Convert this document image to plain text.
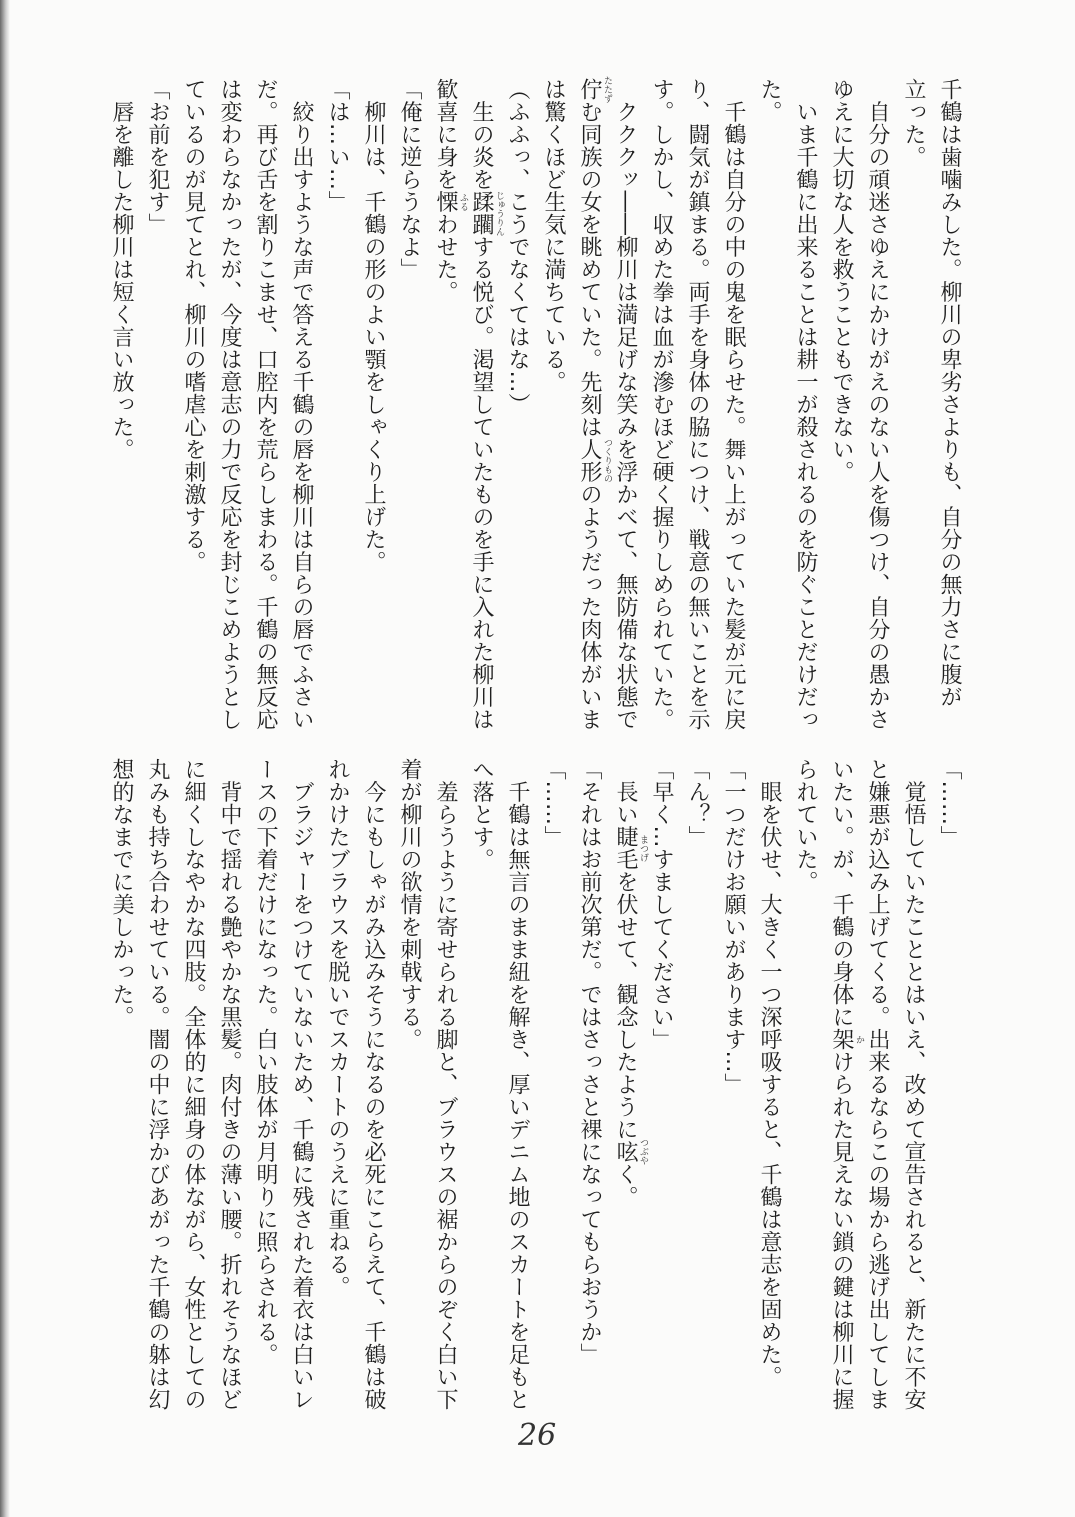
千鶴は歯噛みした。柳川の卑劣さよりも、自分の無力さに腹が
立った。
　自分の頑迷さゆえにかけがえのない人を傷つけ、自分の愚かさ
ゆえに大切な人を救うこともできない。
　いま千鶴に出来ることは耕一が殺されるのを防ぐことだけだっ
た。
　千鶴は自分の中の鬼を眠らせた。舞い上がっていた髪が元に戻
り、闘気が鎮まる。両手を身体の脇につけ、戦意の無いことを示
す。しかし、収めた拳は血が滲むほど硬く握りしめられていた。
　クククッ――柳川は満足げな笑みを浮かべて、無防備な状態で
佇む同族の女を眺めていた。先刻は人形のようだった肉体がいま
は驚くほど生気に満ちている。
（ふふっ、こうでなくてはな…）
　生の炎を蹂躙する悦び。渇望していたものを手に入れた柳川は
歓喜に身を慄わせた。
「俺に逆らうなよ」
　柳川は、千鶴の形のよい顎をしゃくり上げた。
「は…い…」
　絞り出すような声で答える千鶴の唇を柳川は自らの唇でふさい
だ。再び舌を割りこませ、口腔内を荒らしまわる。千鶴の無反応
は変わらなかったが、今度は意志の力で反応を封じこめようとし
ているのが見てとれ、柳川の嗜虐心を刺激する。
「お前を犯す」
　唇を離した柳川は短く言い放った。
「……」
　覚悟していたこととはいえ、改めて宣告されると、新たに不安
と嫌悪が込み上げてくる。出来るならこの場から逃げ出してしま
いたい。が、千鶴の身体に架けられた見えない鎖の鍵は柳川に握
られていた。
　眼を伏せ、大きく一つ深呼吸すると、千鶴は意志を固めた。
「一つだけお願いがあります…」
「ん？」
「早く…すましてください」
　長い睫毛を伏せて、観念したように呟く。
「それはお前次第だ。ではさっさと裸になってもらおうか」
「……」
　千鶴は無言のまま紐を解き、厚いデニム地のスカートを足もと
へ落とす。
　羞らうように寄せられる脚と、ブラウスの裾からのぞく白い下
着が柳川の欲情を刺戟する。
　今にもしゃがみ込みそうになるのを必死にこらえて、千鶴は破
れかけたブラウスを脱いでスカートのうえに重ねる。
　ブラジャーをつけていないため、千鶴に残された着衣は白いレ
ースの下着だけになった。白い肢体が月明りに照らされる。
　背中で揺れる艶やかな黒髪。肉付きの薄い腰。折れそうなほど
に細くしなやかな四肢。全体的に細身の体ながら、女性としての
丸みも持ち合わせている。闇の中に浮かびあがった千鶴の躰は幻
想的なまでに美しかった。
26
たたず
つくりもの
じゅうりん
ふる
か
まつげ
つぶや
